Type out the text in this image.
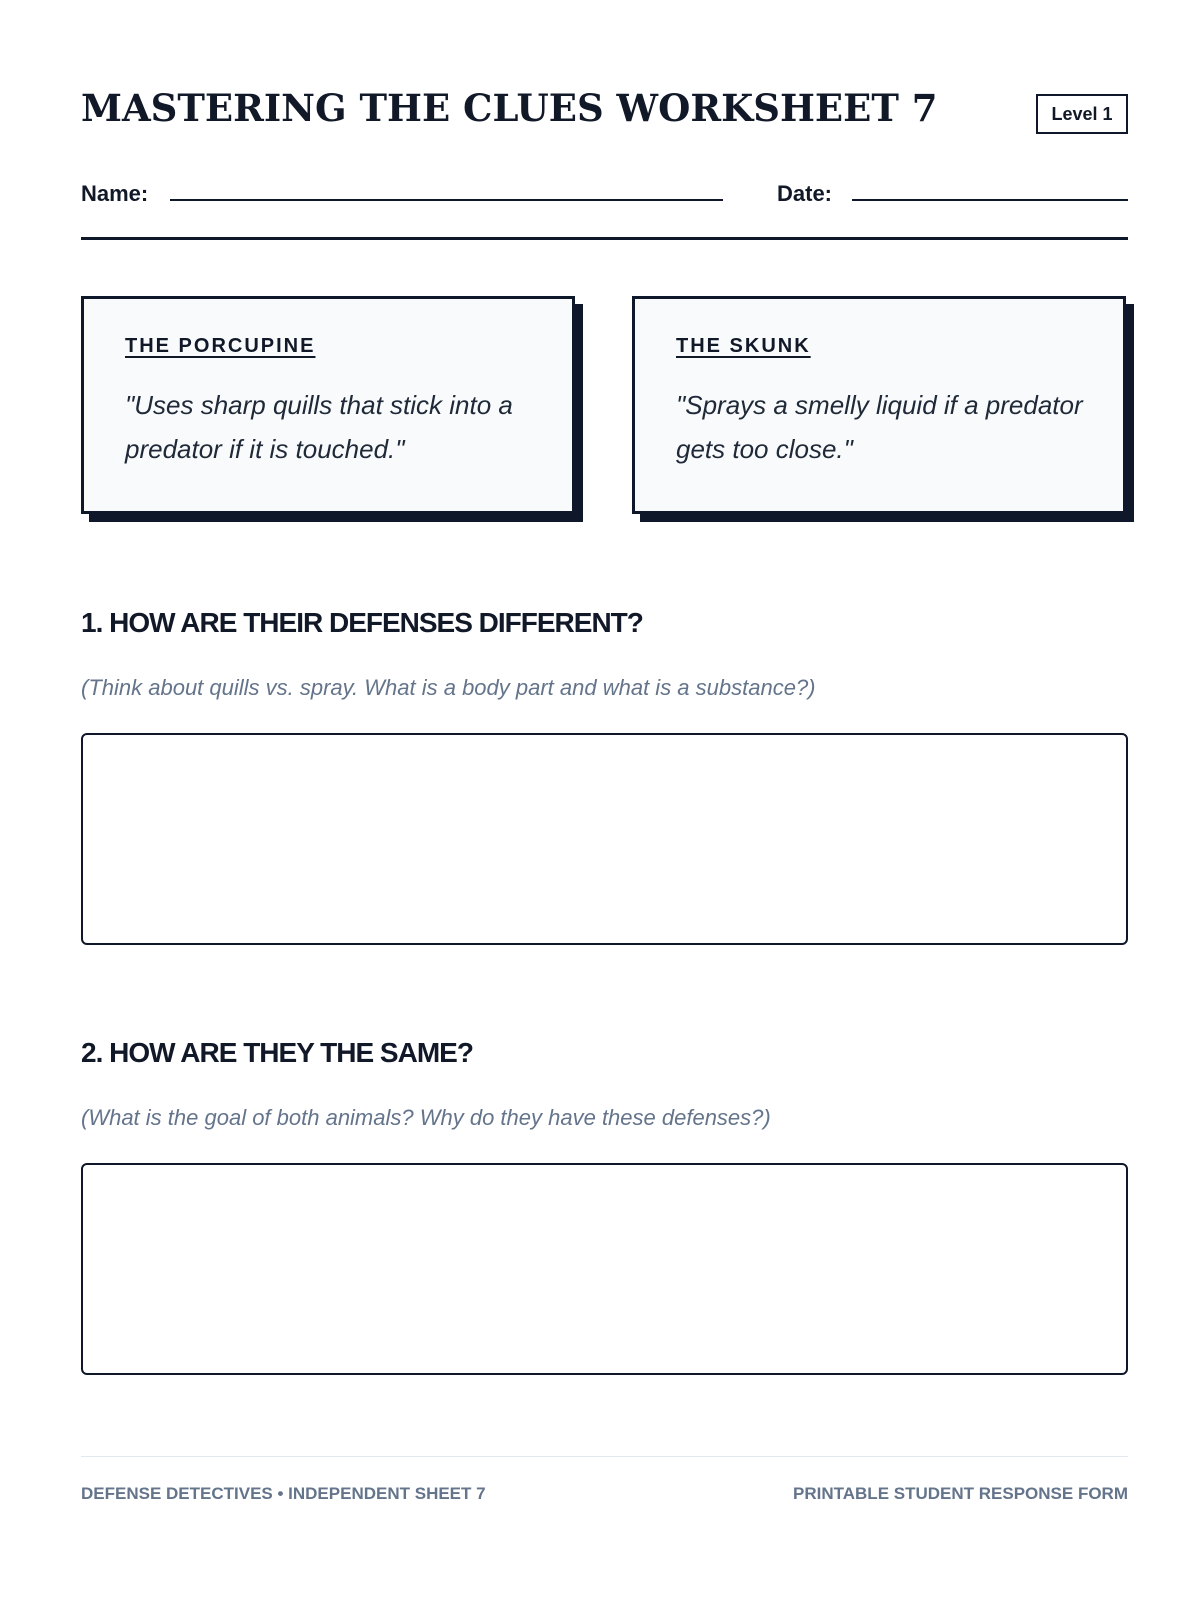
MASTERING THE CLUES WORKSHEET 7	Level 1
Name:	Date:
THE PORCUPINE

"Uses sharp quills that stick into a predator if it is touched."

THE SKUNK

"Sprays a smelly liquid if a predator gets too close."

1. HOW ARE THEIR DEFENSES DIFFERENT?

(Think about quills vs. spray. What is a body part and what is a substance?)

2. HOW ARE THEY THE SAME?

(What is the goal of both animals? Why do they have these defenses?)

DEFENSE DETECTIVES • INDEPENDENT SHEET 7	PRINTABLE STUDENT RESPONSE FORM
